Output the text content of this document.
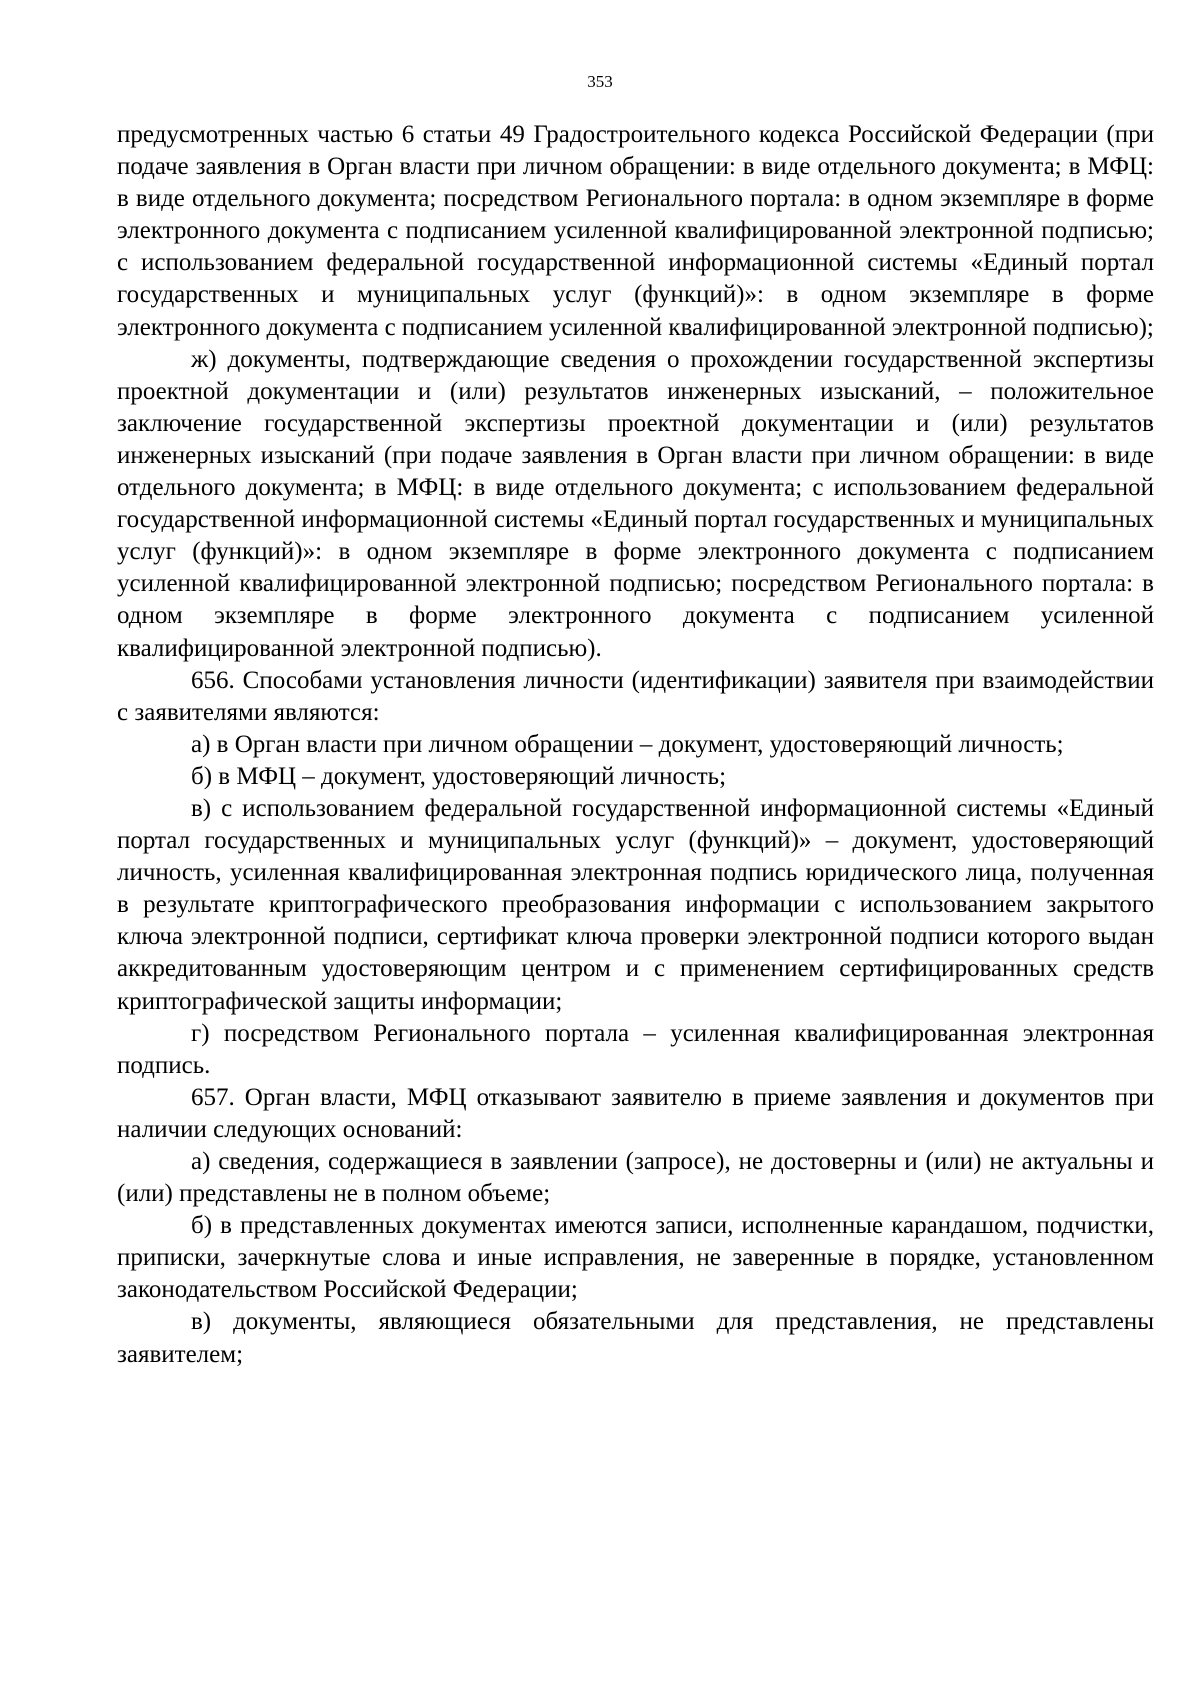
353

предусмотренных частью 6 статьи 49 Градостроительного кодекса Российской Федерации (при подаче заявления в Орган власти при личном обращении: в виде отдельного документа; в МФЦ: в виде отдельного документа; посредством Регионального портала: в одном экземпляре в форме электронного документа с подписанием усиленной квалифицированной электронной подписью; с использованием федеральной государственной информационной системы «Единый портал государственных и муниципальных услуг (функций)»: в одном экземпляре в форме электронного документа с подписанием усиленной квалифицированной электронной подписью);

ж) документы, подтверждающие сведения о прохождении государственной экспертизы проектной документации и (или) результатов инженерных изысканий, – положительное заключение государственной экспертизы проектной документации и (или) результатов инженерных изысканий (при подаче заявления в Орган власти при личном обращении: в виде отдельного документа; в МФЦ: в виде отдельного документа; с использованием федеральной государственной информационной системы «Единый портал государственных и муниципальных услуг (функций)»: в одном экземпляре в форме электронного документа с подписанием усиленной квалифицированной электронной подписью; посредством Регионального портала: в одном экземпляре в форме электронного документа с подписанием усиленной квалифицированной электронной подписью).

656. Способами установления личности (идентификации) заявителя при взаимодействии с заявителями являются:

а) в Орган власти при личном обращении – документ, удостоверяющий личность;

б) в МФЦ – документ, удостоверяющий личность;

в) с использованием федеральной государственной информационной системы «Единый портал государственных и муниципальных услуг (функций)» – документ, удостоверяющий личность, усиленная квалифицированная электронная подпись юридического лица, полученная в результате криптографического преобразования информации с использованием закрытого ключа электронной подписи, сертификат ключа проверки электронной подписи которого выдан аккредитованным удостоверяющим центром и с применением сертифицированных средств криптографической защиты информации;

г) посредством Регионального портала – усиленная квалифицированная электронная подпись.

657. Орган власти, МФЦ отказывают заявителю в приеме заявления и документов при наличии следующих оснований:

а) сведения, содержащиеся в заявлении (запросе), не достоверны и (или) не актуальны и (или) представлены не в полном объеме;

б) в представленных документах имеются записи, исполненные карандашом, подчистки, приписки, зачеркнутые слова и иные исправления, не заверенные в порядке, установленном законодательством Российской Федерации;

в) документы, являющиеся обязательными для представления, не представлены заявителем;
